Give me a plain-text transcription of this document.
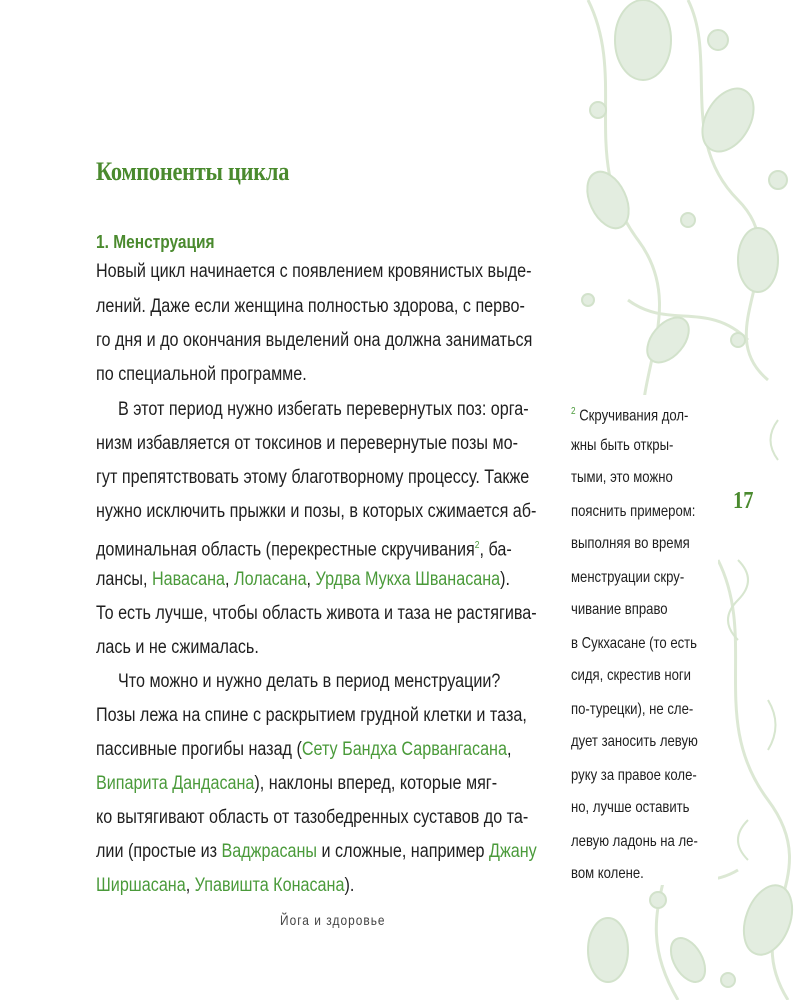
Компоненты цикла
1. Менструация
Новый цикл начинается с появлением кровянистых выде-
лений. Даже если женщина полностью здорова, с перво-
го дня и до окончания выделений она должна заниматься
по специальной программе.
В этот период нужно избегать перевернутых поз: орга-
низм избавляется от токсинов и перевернутые позы мо-
гут препятствовать этому благотворному процессу. Также
нужно исключить прыжки и позы, в которых сжимается аб-
доминальная область (перекрестные скручивания$^2$, ба-
лансы, Навасана, Лоласана, Урдва Мукха Шванасана).
То есть лучше, чтобы область живота и таза не растягива-
лась и не сжималась.
Что можно и нужно делать в период менструации?
Позы лежа на спине с раскрытием грудной клетки и таза,
пассивные прогибы назад (Сету Бандха Сарвангасана,
Випарита Дандасана), наклоны вперед, которые мяг-
ко вытягивают область от тазобедренных суставов до та-
лии (простые из Ваджрасаны и сложные, например Джану
Ширшасана, Упавишта Конасана).
$^2$ Скручивания дол-
жны быть откры-
тыми, это можно
пояснить примером:
выполняя во время
менструации скру-
чивание вправо
в Сукхасане (то есть
сидя, скрестив ноги
по-турецки), не сле-
дует заносить левую
руку за правое коле-
но, лучше оставить
левую ладонь на ле-
вом колене.
17
Йога и здоровье
